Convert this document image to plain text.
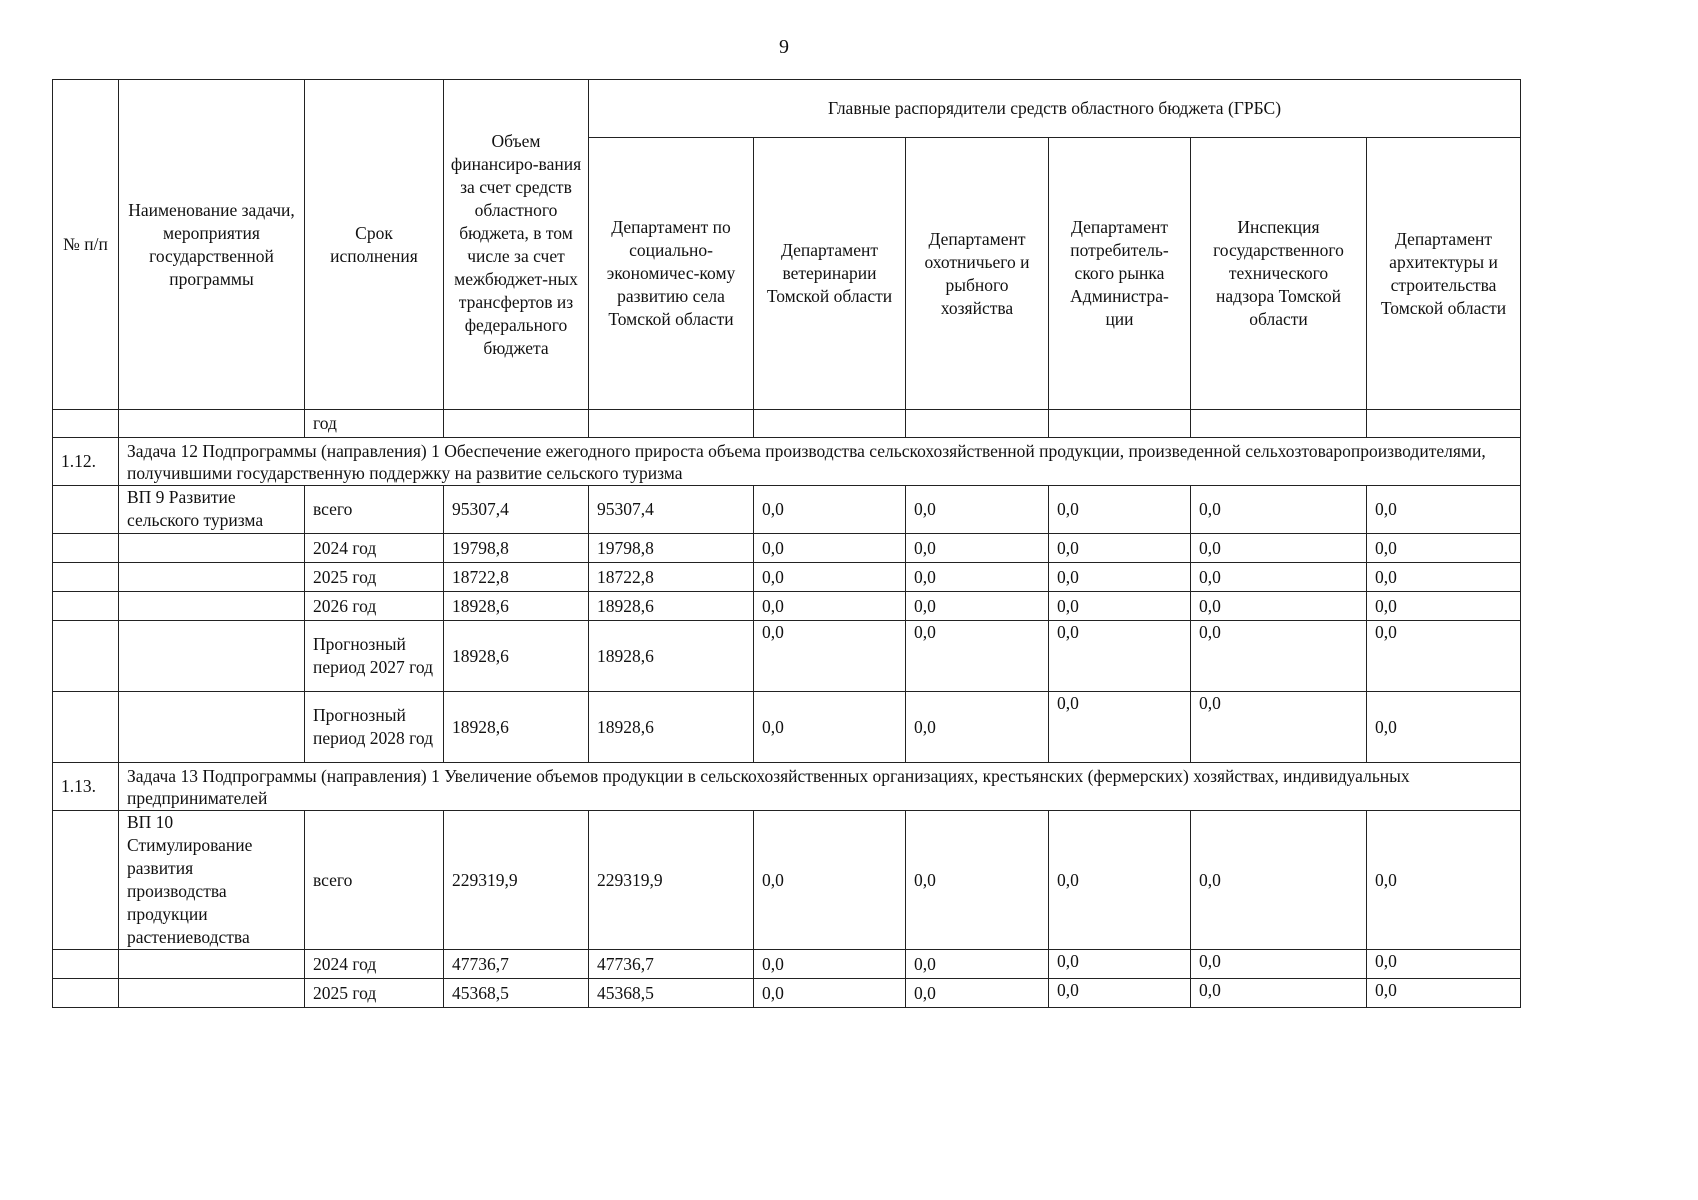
9
№ п/п	Наименование задачи, мероприятия государственной программы	Срок исполнения	Объем финансиро-вания за счет средств областного бюджета, в том числе за счет межбюджет-ных трансфертов из федерального бюджета	Главные распорядители средств областного бюджета (ГРБС)					
				Департамент по социально-экономичес-кому развитию села Томской области	Департамент ветеринарии Томской области	Департамент охотничьего и рыбного хозяйства	Департамент потребитель-ского рынка Администра-ции	Инспекция государственного технического надзора Томской области	Департамент архитектуры и строительства Томской области
		год							
1.12.	Задача 12 Подпрограммы (направления) 1 Обеспечение ежегодного прироста объема производства сельскохозяйственной продукции, произведенной сельхозтоваропроизводителями, получившими государственную поддержку на развитие сельского туризма								
	ВП 9 Развитие сельского туризма	всего	95307,4	95307,4	0,0	0,0	0,0	0,0	0,0
		2024 год	19798,8	19798,8	0,0	0,0	0,0	0,0	0,0
		2025 год	18722,8	18722,8	0,0	0,0	0,0	0,0	0,0
		2026 год	18928,6	18928,6	0,0	0,0	0,0	0,0	0,0
		Прогнозный период 2027 год	18928,6	18928,6	0,0	0,0	0,0	0,0	0,0
		Прогнозный период 2028 год	18928,6	18928,6	0,0	0,0	0,0	0,0	0,0
1.13.	Задача 13 Подпрограммы (направления) 1 Увеличение объемов продукции в сельскохозяйственных организациях, крестьянских (фермерских) хозяйствах, индивидуальных предпринимателей								
	ВП 10 Стимулирование развития производства продукции растениеводства	всего	229319,9	229319,9	0,0	0,0	0,0	0,0	0,0
		2024 год	47736,7	47736,7	0,0	0,0	0,0	0,0	0,0
		2025 год	45368,5	45368,5	0,0	0,0	0,0	0,0	0,0
